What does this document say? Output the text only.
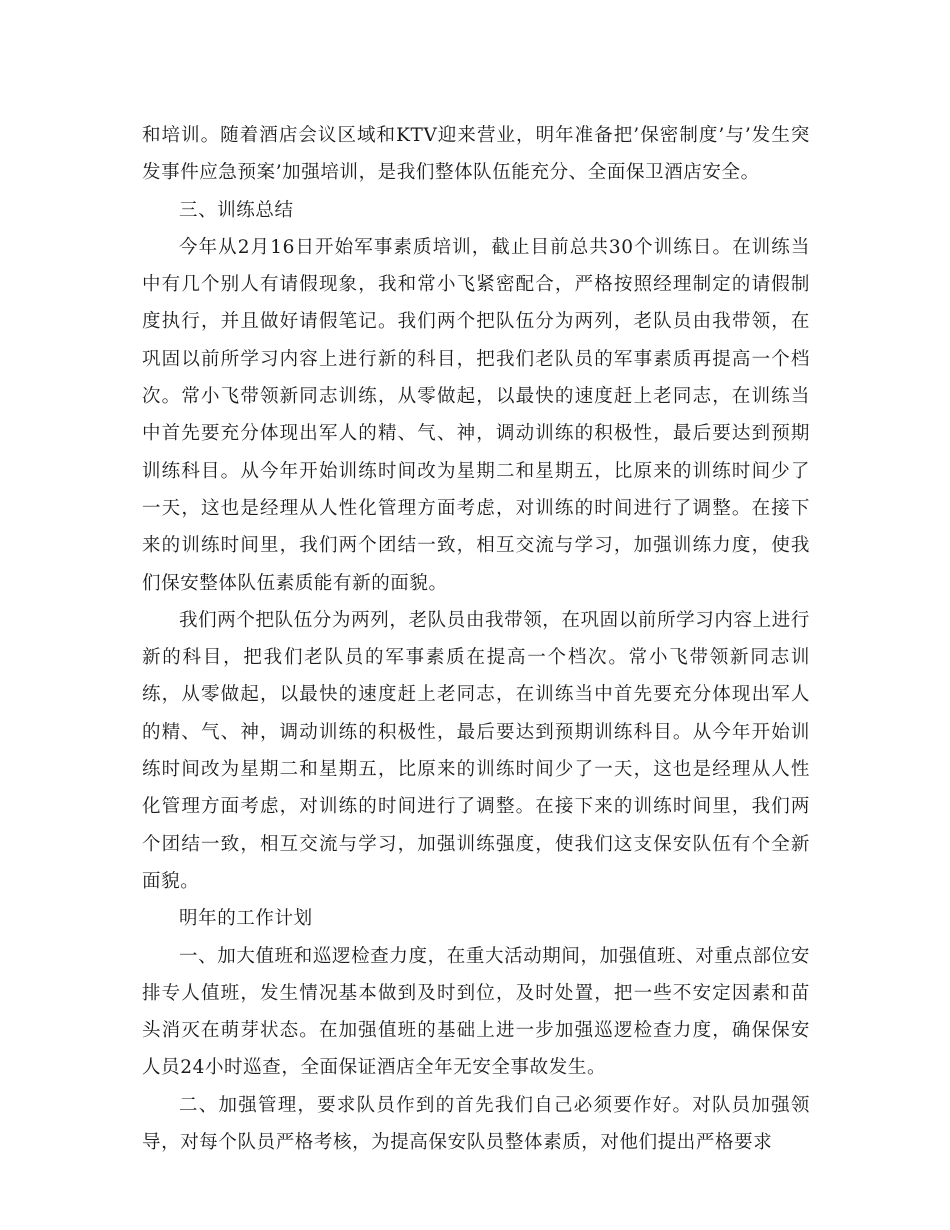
和培训。随着酒店会议区域和KTV迎来营业，明年准备把’保密制度’与’发生突发事件应急预案’加强培训，是我们整体队伍能充分、全面保卫酒店安全。

三、训练总结

今年从2月16日开始军事素质培训，截止目前总共30个训练日。在训练当中有几个别人有请假现象，我和常小飞紧密配合，严格按照经理制定的请假制度执行，并且做好请假笔记。我们两个把队伍分为两列，老队员由我带领，在巩固以前所学习内容上进行新的科目，把我们老队员的军事素质再提高一个档次。常小飞带领新同志训练，从零做起，以最快的速度赶上老同志，在训练当中首先要充分体现出军人的精、气、神，调动训练的积极性，最后要达到预期训练科目。从今年开始训练时间改为星期二和星期五，比原来的训练时间少了一天，这也是经理从人性化管理方面考虑，对训练的时间进行了调整。在接下来的训练时间里，我们两个团结一致，相互交流与学习，加强训练力度，使我们保安整体队伍素质能有新的面貌。

我们两个把队伍分为两列，老队员由我带领，在巩固以前所学习内容上进行新的科目，把我们老队员的军事素质在提高一个档次。常小飞带领新同志训练，从零做起，以最快的速度赶上老同志，在训练当中首先要充分体现出军人的精、气、神，调动训练的积极性，最后要达到预期训练科目。从今年开始训练时间改为星期二和星期五，比原来的训练时间少了一天，这也是经理从人性化管理方面考虑，对训练的时间进行了调整。在接下来的训练时间里，我们两个团结一致，相互交流与学习，加强训练强度，使我们这支保安队伍有个全新面貌。

明年的工作计划

一、加大值班和巡逻检查力度，在重大活动期间，加强值班、对重点部位安排专人值班，发生情况基本做到及时到位，及时处置，把一些不安定因素和苗头消灭在萌芽状态。在加强值班的基础上进一步加强巡逻检查力度，确保保安人员24小时巡查，全面保证酒店全年无安全事故发生。

二、加强管理，要求队员作到的首先我们自己必须要作好。对队员加强领导，对每个队员严格考核，为提高保安队员整体素质，对他们提出严格要求
